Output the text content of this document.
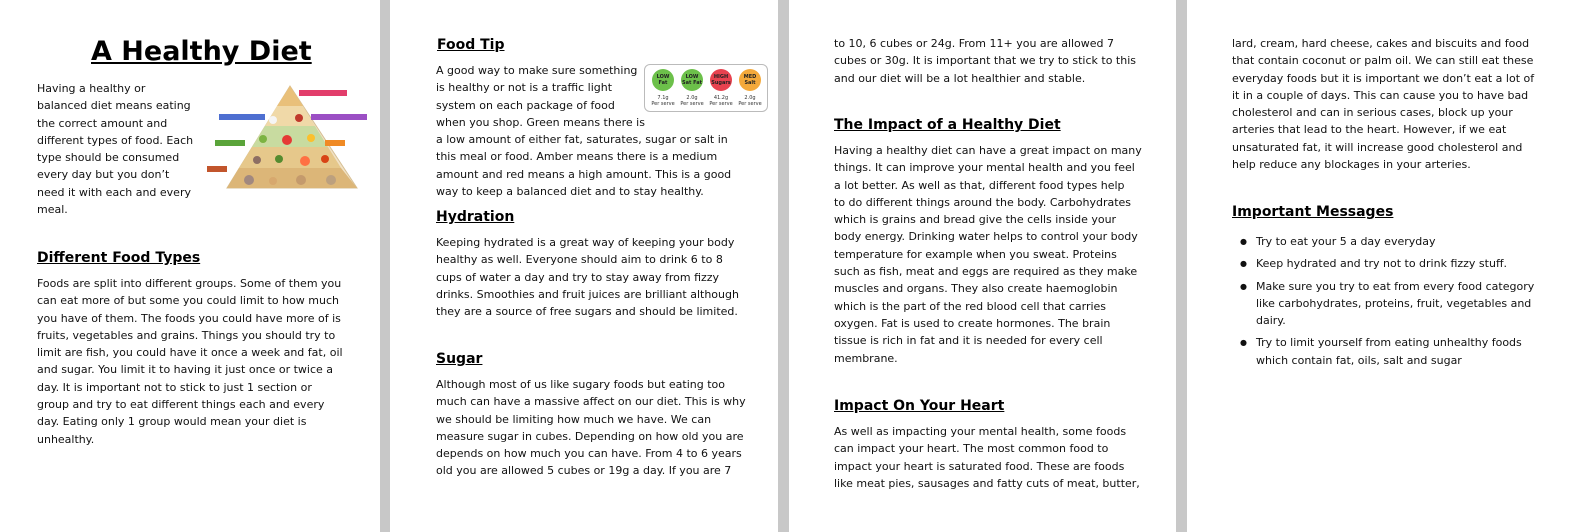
A Healthy Diet

Having a healthy or
balanced diet means eating
the correct amount and
different types of food. Each
type should be consumed
every day but you don’t
need it with each and every
meal.

Different Food Types

Foods are split into different groups. Some of them you
can eat more of but some you could limit to how much
you have of them. The foods you could have more of is
fruits, vegetables and grains. Things you should try to
limit are fish, you could have it once a week and fat, oil
and sugar. You limit it to having it just once or twice a
day. It is important not to stick to just 1 section or
group and try to eat different things each and every
day. Eating only 1 group would mean your diet is
unhealthy.

Food Tip

A good way to make sure something
is healthy or not is a traffic light
system on each package of food
when you shop. Green means there is

a low amount of either fat, saturates, sugar or salt in
this meal or food. Amber means there is a medium
amount and red means a high amount. This is a good
way to keep a balanced diet and to stay healthy.

LOW
Fat
LOW
Sat Fat
HIGH
Sugars
MED
Salt
7.1g
Per serve
2.0g
Per serve
41.2g
Per serve
2.0g
Per serve
Hydration

Keeping hydrated is a great way of keeping your body
healthy as well. Everyone should aim to drink 6 to 8
cups of water a day and try to stay away from fizzy
drinks. Smoothies and fruit juices are brilliant although
they are a source of free sugars and should be limited.

Sugar

Although most of us like sugary foods but eating too
much can have a massive affect on our diet. This is why
we should be limiting how much we have. We can
measure sugar in cubes. Depending on how old you are
depends on how much you can have. From 4 to 6 years
old you are allowed 5 cubes or 19g a day. If you are 7

to 10, 6 cubes or 24g. From 11+ you are allowed 7
cubes or 30g. It is important that we try to stick to this
and our diet will be a lot healthier and stable.

The Impact of a Healthy Diet

Having a healthy diet can have a great impact on many
things. It can improve your mental health and you feel
a lot better. As well as that, different food types help
to do different things around the body. Carbohydrates
which is grains and bread give the cells inside your
body energy. Drinking water helps to control your body
temperature for example when you sweat. Proteins
such as fish, meat and eggs are required as they make
muscles and organs. They also create haemoglobin
which is the part of the red blood cell that carries
oxygen. Fat is used to create hormones. The brain
tissue is rich in fat and it is needed for every cell
membrane.

Impact On Your Heart

As well as impacting your mental health, some foods
can impact your heart. The most common food to
impact your heart is saturated food. These are foods
like meat pies, sausages and fatty cuts of meat, butter,

lard, cream, hard cheese, cakes and biscuits and food
that contain coconut or palm oil. We can still eat these
everyday foods but it is important we don’t eat a lot of
it in a couple of days. This can cause you to have bad
cholesterol and can in serious cases, block up your
arteries that lead to the heart. However, if we eat
unsaturated fat, it will increase good cholesterol and
help reduce any blockages in your arteries.

Important Messages
● Try to eat your 5 a day everyday
● Keep hydrated and try not to drink fizzy stuff.
● Make sure you try to eat from every food category
like carbohydrates, proteins, fruit, vegetables and
dairy.
● Try to limit yourself from eating unhealthy foods
which contain fat, oils, salt and sugar
